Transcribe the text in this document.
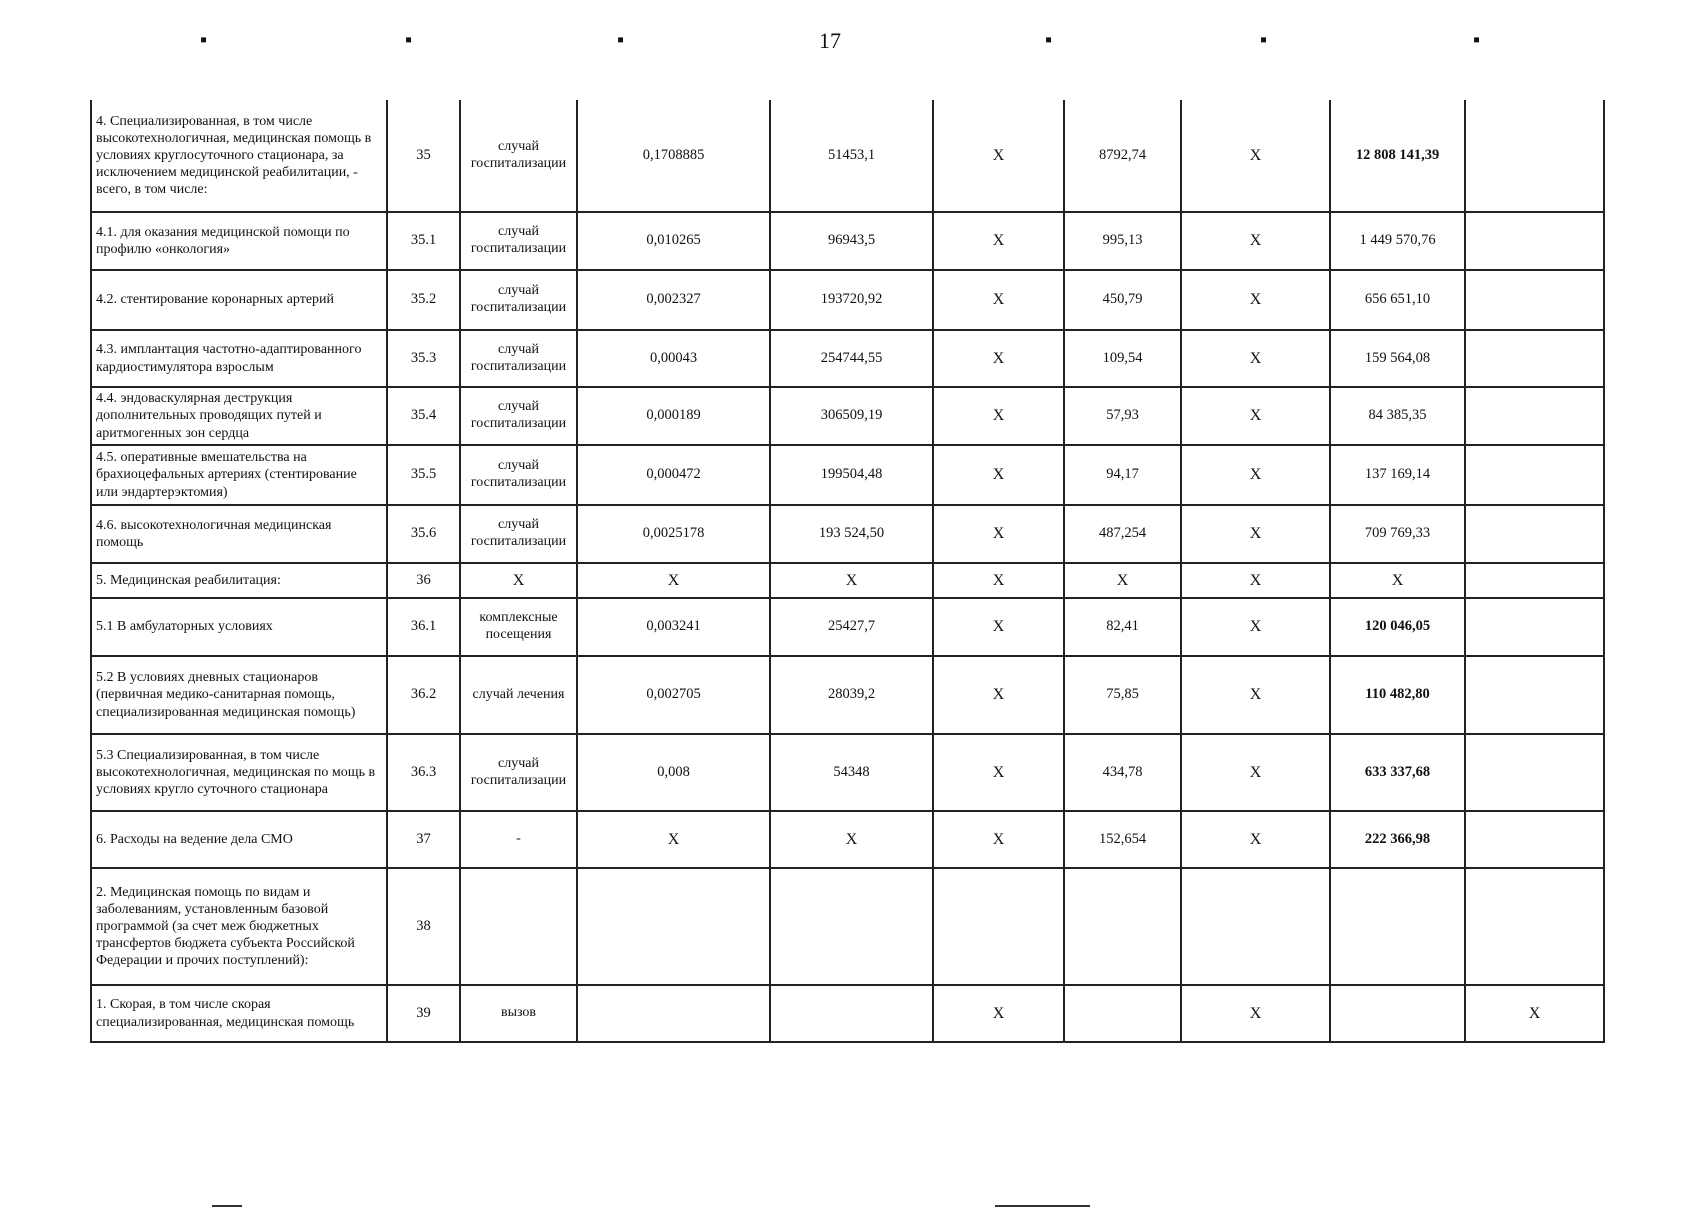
17
▪	▪	▪	▪	▪	▪
4. Специализированная, в том числе высокотехнологичная, медицинская помощь в условиях круглосуточного стационара, за исключением медицинской реабилитации, - всего, в том числе:	35	случай госпитализации	0,1708885	51453,1	Х	8792,74	Х	12 808 141,39	
4.1. для оказания медицинской помощи по профилю «онкология»	35.1	случай госпитализации	0,010265	96943,5	Х	995,13	Х	1 449 570,76	
4.2. стентирование коронарных артерий	35.2	случай госпитализации	0,002327	193720,92	Х	450,79	Х	656 651,10	
4.3. имплантация частотно-адаптированного кардиостимулятора взрослым	35.3	случай госпитализации	0,00043	254744,55	Х	109,54	Х	159 564,08	
4.4. эндоваскулярная деструкция дополнительных проводящих путей и аритмогенных зон сердца	35.4	случай госпитализации	0,000189	306509,19	Х	57,93	Х	84 385,35	
4.5. оперативные вмешательства на брахиоцефальных артериях (стентирование или эндартерэктомия)	35.5	случай госпитализации	0,000472	199504,48	Х	94,17	Х	137 169,14	
4.6. высокотехнологичная медицинская помощь	35.6	случай госпитализации	0,0025178	193 524,50	Х	487,254	Х	709 769,33	
5. Медицинская реабилитация:	36	Х	Х	Х	Х	Х	Х	Х	
5.1 В амбулаторных условиях	36.1	комплексные посещения	0,003241	25427,7	Х	82,41	Х	120 046,05	
5.2 В условиях дневных стационаров (первичная медико-санитарная помощь, специализированная медицинская помощь)	36.2	случай лечения	0,002705	28039,2	Х	75,85	Х	110 482,80	
5.3 Специализированная, в том числе высокотехнологичная, медицинская по мощь в условиях кругло суточного стационара	36.3	случай госпитализации	0,008	54348	Х	434,78	Х	633 337,68	
6. Расходы на ведение дела СМО	37	-	Х	Х	Х	152,654	Х	222 366,98	
2. Медицинская помощь по видам и заболеваниям, установленным базовой программой (за счет меж бюджетных трансфертов бюджета субъекта Российской Федерации и прочих поступлений):	38								
1. Скорая, в том числе скорая специализированная, медицинская помощь	39	вызов			Х		Х		Х
